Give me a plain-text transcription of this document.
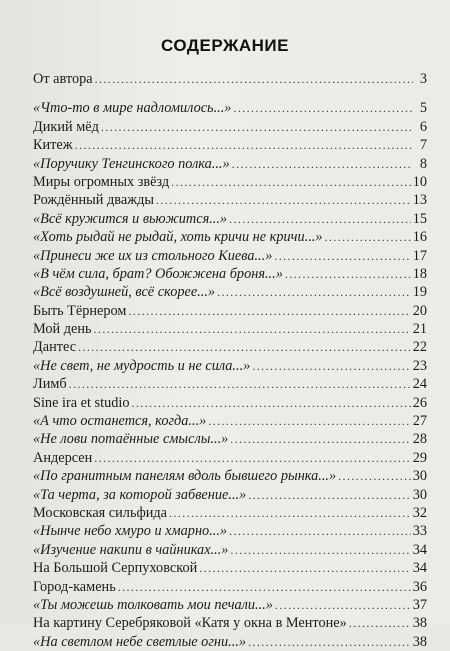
СОДЕРЖАНИЕ
От автора .....	3
«Что-то в мире надломилось...» .....	5
Дикий мёд .....	6
Китеж .....	7
«Поручику Тенгинского полка...» .....	8
Миры огромных звёзд .....	10
Рождённый дважды .....	13
«Всё кружится и вьюжится...» .....	15
«Хоть рыдай не рыдай, хоть кричи не кричи...» .....	16
«Принеси же их из стольного Киева...» .....	17
«В чём сила, брат? Обожжена броня...» .....	18
«Всё воздушней, всё скорее...» .....	19
Быть Тёрнером .....	20
Мой день .....	21
Дантес .....	22
«Не свет, не мудрость и не сила...» .....	23
Лимб .....	24
Sine ira et studio .....	26
«А что останется, когда...» .....	27
«Не лови потаённые смыслы...» .....	28
Андерсен .....	29
«По гранитным панелям вдоль бывшего рынка...» .....	30
«Та черта, за которой забвение...» .....	30
Московская сильфида .....	32
«Нынче небо хмуро и хмарно...» .....	33
«Изучение накипи в чайниках...» .....	34
На Большой Серпуховской .....	34
Город-камень .....	36
«Ты можешь толковать мои печали...» .....	37
На картину Серебряковой «Катя у окна в Ментоне» .....	38
«На светлом небе светлые огни...» .....	38
